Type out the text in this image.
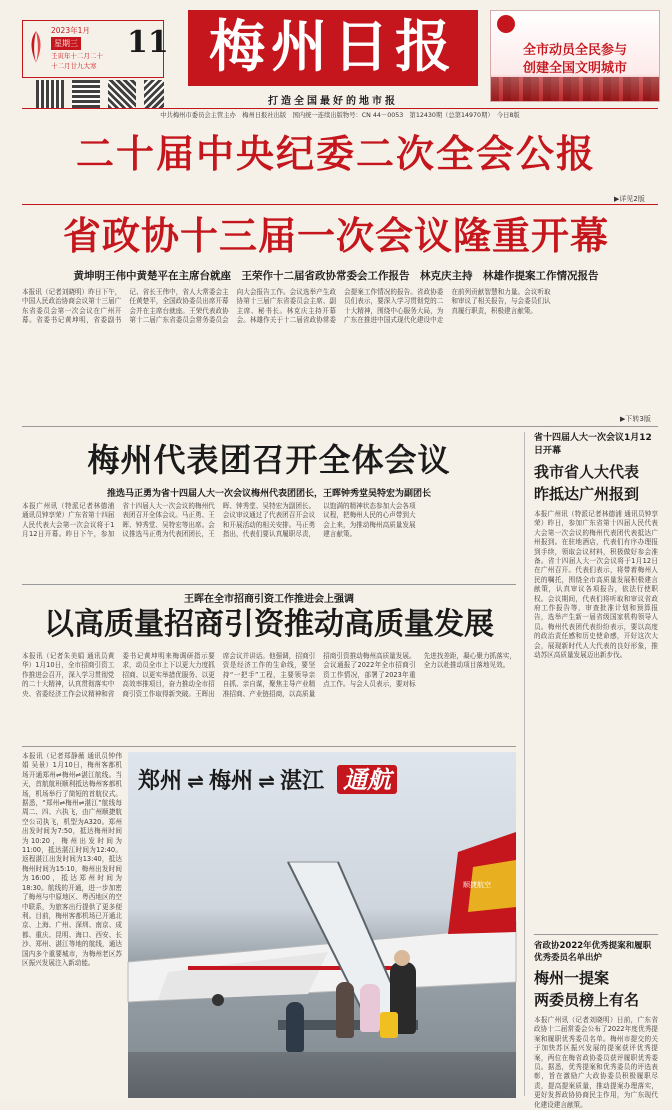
2023年1月
星期三
壬寅年十二月二十
十二月廿九大寒
11 梅州日报
打造全国最好的地市报
全市动员全民参与
创建全国文明城市
中共梅州市委员会主管主办　梅州日报社出版　国内统一连续出版物号：CN 44－0053　第12430期（总第14970期）　今日8版
二十届中央纪委二次全会公报
▶详见2版
省政协十三届一次会议隆重开幕
黄坤明王伟中黄楚平在主席台就座　王荣作十二届省政协常委会工作报告　林克庆主持　林雄作提案工作情况报告
本报讯（记者刘晓明）昨日下午，中国人民政治协商会议第十三届广东省委员会第一次会议在广州开幕。省委书记黄坤明，省委副书记、省长王伟中，省人大常委会主任黄楚平，全国政协委员出席开幕会并在主席台就座。王荣代表政协第十二届广东省委员会常务委员会向大会报告工作。会议选举产生政协第十三届广东省委员会主席、副主席、秘书长。林克庆主持开幕会。林雄作关于十二届省政协常委会提案工作情况的报告。省政协委员们表示，要深入学习贯彻党的二十大精神，围绕中心服务大局，为广东在推进中国式现代化建设中走在前列贡献智慧和力量。会议听取和审议了相关报告，与会委员们认真履行职责，积极建言献策。
▶下转3版
梅州代表团召开全体会议
推选马正勇为省十四届人大一次会议梅州代表团团长，王晖钟秀堂吴特宏为副团长
本报广州讯（特派记者林德浦 通讯员钟享荣）广东省第十四届人民代表大会第一次会议将于1月12日开幕。昨日下午，参加省十四届人大一次会议的梅州代表团召开全体会议。马正勇、王晖、钟秀堂、吴特宏等出席。会议推选马正勇为代表团团长，王晖、钟秀堂、吴特宏为副团长。会议审议通过了代表团召开会议和开展活动的相关安排。马正勇指出，代表们要认真履职尽责，以饱满的精神状态参加大会各项议程，把梅州人民的心声带到大会上来，为推动梅州高质量发展建言献策。
王晖在全市招商引资工作推进会上强调
以高质量招商引资推动高质量发展
本报讯（记者朱美娟 通讯员黄华）1月10日，全市招商引资工作推进会召开，深入学习贯彻党的二十大精神，认真贯彻落实中央、省委经济工作会议精神和省委书记黄坤明来梅调研指示要求，动员全市上下以更大力度抓招商、以更实举措优服务、以更高效率推项目，奋力推动全市招商引资工作取得新突破。王晖出席会议并讲话。他强调，招商引资是经济工作的生命线，要坚持“一把手”工程，主要领导亲自抓、亲自谋，聚焦主导产业精准招商、产业链招商，以高质量招商引资推动梅州高质量发展。会议通报了2022年全市招商引资工作情况，部署了2023年重点工作。与会人员表示，要对标先进找差距，凝心聚力抓落实，全力以赴推动项目落地见效。
本报讯（记者郑静薇 通讯员钟伟娟 吴景）1月10日，梅州客都机场开通郑州⇌梅州⇌湛江航线。当天，首航航班顺利抵达梅州客都机场，机场举行了简短的首航仪式。据悉，“郑州⇌梅州⇌湛江”航线每周二、四、六执飞，由广州顺捷航空公司执飞，机型为A320。郑州出发时间为7:50，抵达梅州时间为10:20，梅州出发时间为11:00，抵达湛江时间为12:40。返程湛江出发时间为13:40，抵达梅州时间为15:10，梅州出发时间为16:00，抵达郑州时间为18:30。航线的开通，进一步加密了梅州与中原地区、粤西地区的空中联系，为旅客出行提供了更多便利。目前，梅州客都机场已开通北京、上海、广州、深圳、南京、成都、重庆、昆明、海口、西安、长沙、郑州、湛江等地的航线，通达国内多个重要城市，为梅州老区苏区振兴发展注入新动能。
郑州 ⇌ 梅州 ⇌ 湛江 通航
顺捷航空
省十四届人大一次会议1月12日开幕
我市省人大代表
昨抵达广州报到
本报广州讯（特派记者林德浦 通讯员钟享荣）昨日，参加广东省第十四届人民代表大会第一次会议的梅州代表团代表抵达广州报到。在驻地酒店，代表们有序办理报到手续，领取会议材料，积极做好参会准备。省十四届人大一次会议将于1月12日在广州召开。代表们表示，将带着梅州人民的嘱托，围绕全市高质量发展积极建言献策，认真审议各项报告，依法行使职权。会议期间，代表们将听取和审议省政府工作报告等，审查批准计划和预算报告，选举产生新一届省级国家机构领导人员。梅州代表团代表纷纷表示，要以高度的政治责任感和历史使命感，开好这次大会，展现新时代人大代表的良好形象，推动苏区高质量发展迈出新步伐。
省政协2022年优秀提案和履职优秀委员名单出炉
梅州一提案
两委员榜上有名
本报广州讯（记者刘晓明）日前，广东省政协十二届常委会公布了2022年度优秀提案和履职优秀委员名单。梅州市提交的关于加快苏区振兴发展的提案获评优秀提案，两位在梅省政协委员获评履职优秀委员。据悉，优秀提案和优秀委员的评选表彰，旨在激励广大政协委员积极履职尽责，提高提案质量，推动提案办理落实，更好发挥政协协商民主作用，为广东现代化建设建言献策。
